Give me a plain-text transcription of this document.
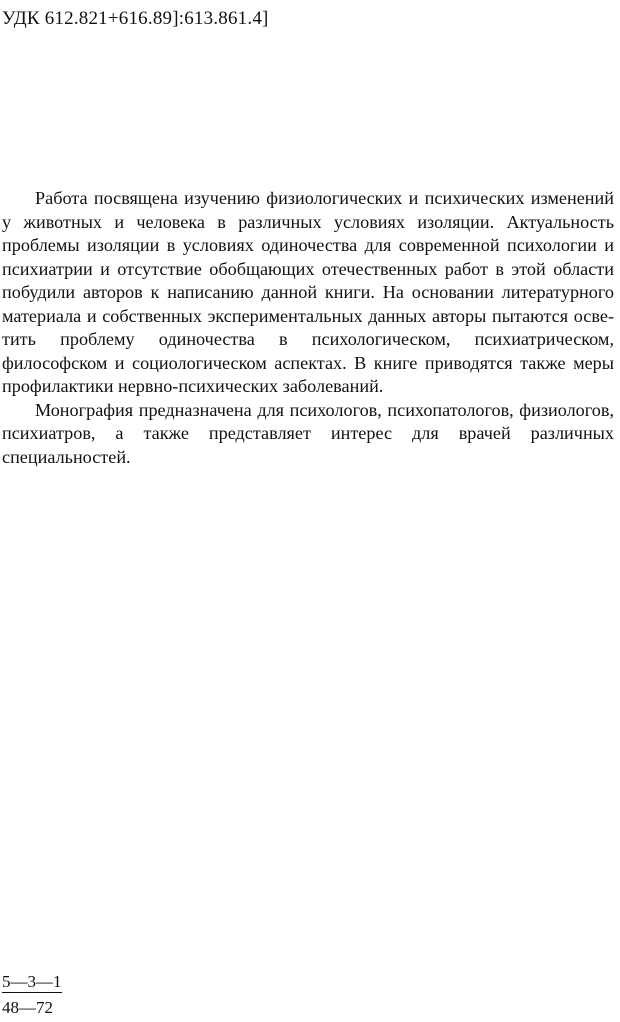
УДК 612.821+616.89]:613.861.4]

Работа посвящена изучению физиологических и психических изменений у животных и человека в различных условиях изоляции. Актуальность проблемы изоляции в условиях одиночества для современной психологии и психиатрии и отсутствие обобщающих отечественных работ в этой области побудили авторов к написанию данной книги. На основании литературного материала и собственных экспериментальных данных авторы пытаются осветить проблему одиночества в психологическом, психиатрическом, философском и социологическом аспектах. В книге приводятся также меры профилактики нервно-психических заболеваний.

Монография предназначена для психологов, психопатологов, физиологов, психиатров, а также представляет интерес для врачей различных специальностей.

$\frac{5—3—1}{48—72}$
